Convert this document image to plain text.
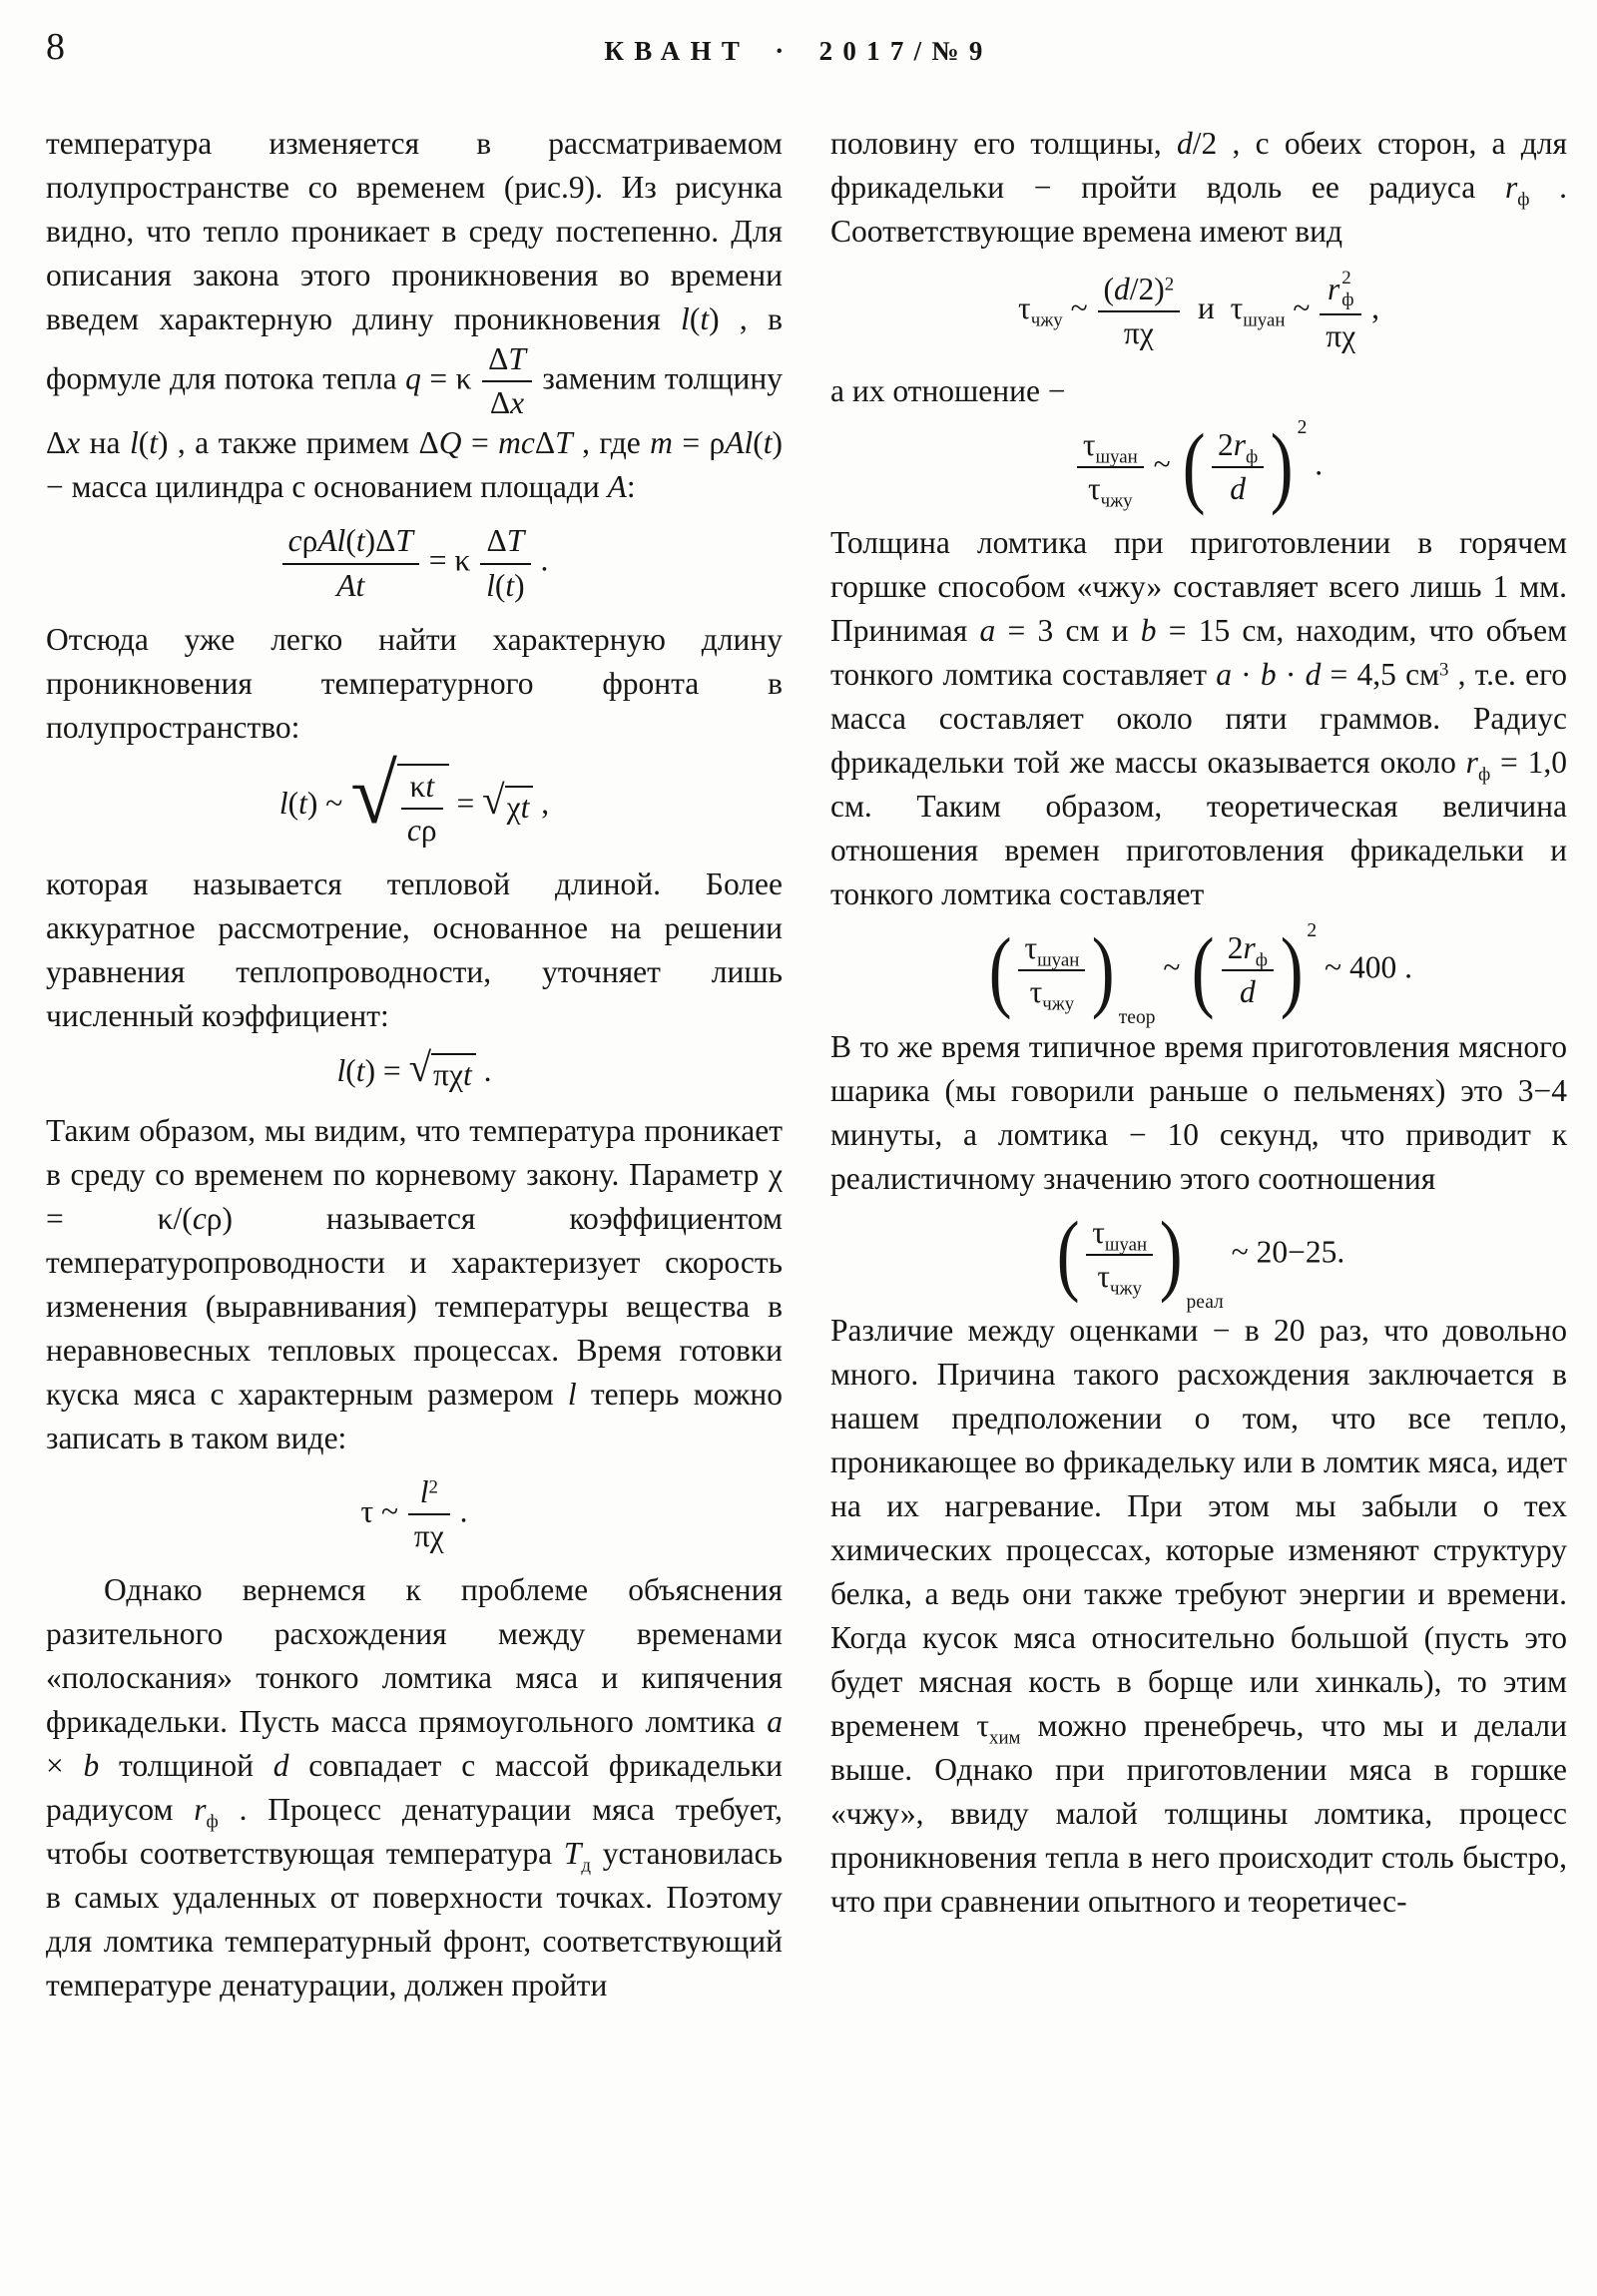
8	КВАНТ · 2017/№9
температура изменяется в рассматриваемом полупространстве со временем (рис.9). Из рисунка видно, что тепло проникает в среду постепенно. Для описания закона этого проникновения во времени введем характерную длину проникновения l(t) , в формуле для потока тепла q = κ $\frac{\Delta T}{\Delta x}$ заменим толщину Δx на l(t) , а также примем ΔQ = mcΔT , где m = ρAl(t) − масса цилиндра с основанием площади A:
$\frac{\text{cρAl(t)ΔT}}{At} = \kappa \frac{\Delta T}{l(t)}$ .
Отсюда уже легко найти характерную длину проникновения температурного фронта в полупространство:
l(t) ~ √ $\frac{\kappa t}{c\rho}$ = √ χt ,
которая называется тепловой длиной. Более аккуратное рассмотрение, основанное на решении уравнения теплопроводности, уточняет лишь численный коэффициент:
l(t) = √ πχt .
Таким образом, мы видим, что температура проникает в среду со временем по корневому закону. Параметр χ = κ/(cρ) называется коэффициентом температуропроводности и характеризует скорость изменения (выравнивания) температуры вещества в неравновесных тепловых процессах. Время готовки куска мяса с характерным размером l теперь можно записать в таком виде:
τ ~ $\frac{l^2}{\pi\chi}$ .
Однако вернемся к проблеме объяснения разительного расхождения между временами «полоскания» тонкого ломтика мяса и кипячения фрикадельки. Пусть масса прямоугольного ломтика a × b толщиной d совпадает с массой фрикадельки радиусом $r_ф$ . Процесс денатурации мяса требует, чтобы соответствующая температура $T_д$ установилась в самых удаленных от поверхности точках. Поэтому для ломтика температурный фронт, соответствующий температуре денатурации, должен пройти
половину его толщины, d/2 , с обеих сторон, а для фрикадельки − пройти вдоль ее радиуса $r_ф$ . Соответствующие времена имеют вид
$\tau_{чжу}$ ~ $\frac{(d/2)^2}{\pi\chi}$  и $\tau_{шуан}$ ~ r 2
ф
πχ ,
а их отношение −
$\frac{\tau_{шуан}}{\tau_{чжу}}$ ~ ( $\frac{2r_ф}{d}$ ) 2
.
Толщина ломтика при приготовлении в горячем горшке способом «чжу» составляет всего лишь 1 мм. Принимая a = 3 см и b = 15 см, находим, что объем тонкого ломтика составляет a · b · d = 4,5 $см^3$ , т.е. его масса составляет около пяти граммов. Радиус фрикадельки той же массы оказывается около $r_ф = 1,0$ см. Таким образом, теоретическая величина отношения времен приготовления фрикадельки и тонкого ломтика составляет
( $\frac{\tau_{шуан}}{\tau_{чжу}}$ ) теор
~ ( $\frac{2r_ф}{d}$ ) 2
~ 400 .
В то же время типичное время приготовления мясного шарика (мы говорили раньше о пельменях) это 3−4 минуты, а ломтика − 10 секунд, что приводит к реалистичному значению этого соотношения
( $\frac{\tau_{шуан}}{\tau_{чжу}}$ ) реал
~ 20−25.
Различие между оценками − в 20 раз, что довольно много. Причина такого расхождения заключается в нашем предположении о том, что все тепло, проникающее во фрикадельку или в ломтик мяса, идет на их нагревание. При этом мы забыли о тех химических процессах, которые изменяют структуру белка, а ведь они также требуют энергии и времени. Когда кусок мяса относительно большой (пусть это будет мясная кость в борще или хинкаль), то этим временем $\tau_{хим}$ можно пренебречь, что мы и делали выше. Однако при приготовлении мяса в горшке «чжу», ввиду малой толщины ломтика, процесс проникновения тепла в него происходит столь быстро, что при сравнении опытного и теоретичес-
